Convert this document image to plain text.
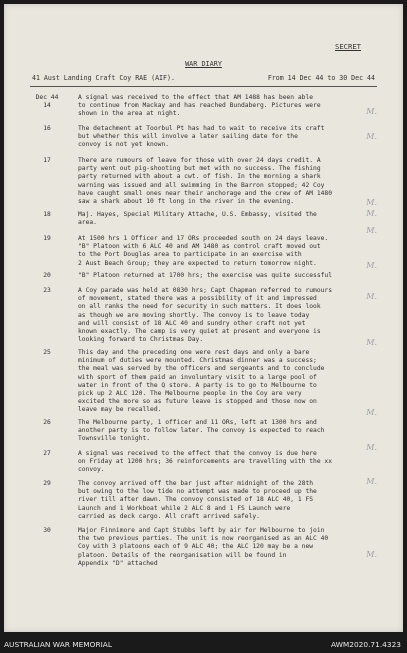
SECRET
WAR DIARY
41 Aust Landing Craft Coy RAE (AIF).	From 14 Dec 44 to 30 Dec 44
Dec 44
14
A signal was received to the effect that AM 1488 has been able
to continue from Mackay and has reached Bundaberg. Pictures were
shown in the area at night.	M.
16	The detachment at Toorbul Pt has had to wait to receive its craft
but whether this will involve a later sailing date for the
convoy is not yet known.
M.
17	There are rumours of leave for those with over 24 days credit. A
party went out pig-shooting but met with no success. The fishing
party returned with about a cwt. of fish. In the morning a shark
warning was issued and all swimming in the Barron stopped; 42 Coy
have caught small ones near their anchorage and the crew of AM 1480
saw a shark about 10 ft long in the river in the evening.	M.
18	Maj. Hayes, Special Military Attache, U.S. Embassy, visited the
area.
M.
19	At 1500 hrs 1 Officer and 17 ORs proceeded south on 24 days leave.
"B" Platoon with 6 ALC 40 and AM 1480 as control craft moved out
to the Port Douglas area to participate in an exercise with
2 Aust Beach Group; they are expected to return tomorrow night.
M.
20	"B" Platoon returned at 1700 hrs; the exercise was quite successful
M.
23	A Coy parade was held at 0830 hrs; Capt Chapman referred to rumours
of movement, stated there was a possibility of it and impressed
on all ranks the need for security in such matters. It does look
as though we are moving shortly. The convoy is to leave today
and will consist of 18 ALC 40 and sundry other craft not yet
known exactly. The camp is very quiet at present and everyone is
looking forward to Christmas Day.
M.
25	This day and the preceding one were rest days and only a bare
minimum of duties were mounted. Christmas dinner was a success;
the meal was served by the officers and sergeants and to conclude
with sport of them paid an involuntary visit to a large pool of
water in front of the Q store. A party is to go to Melbourne to
pick up 2 ALC 120. The Melbourne people in the Coy are very
excited the more so as future leave is stopped and those now on
leave may be recalled.
M.
26	The Melbourne party, 1 officer and 11 ORs, left at 1300 hrs and
another party is to follow later. The convoy is expected to reach
Townsville tonight.
M.
27	A signal was received to the effect that the convoy is due here
on Friday at 1200 hrs; 36 reinforcements are travelling with the xx
convoy.
M.
29	The convoy arrived off the bar just after midnight of the 28th
but owing to the low tide no attempt was made to proceed up the
river till after dawn. The convoy consisted of 18 ALC 40, 1 FS
Launch and 1 Workboat while 2 ALC 8 and 1 FS Launch were
carried as deck cargo. All craft arrived safely.
M.
30	Major Finnimore and Capt Stubbs left by air for Melbourne to join
the two previous parties. The unit is now reorganised as an ALC 40
Coy with 3 platoons each of 9 ALC 40; the ALC 120 may be a new
platoon. Details of the reorganisation will be found in
Appendix "D" attached
M.
AUSTRALIAN WAR MEMORIAL	AWM2020.71.4323
